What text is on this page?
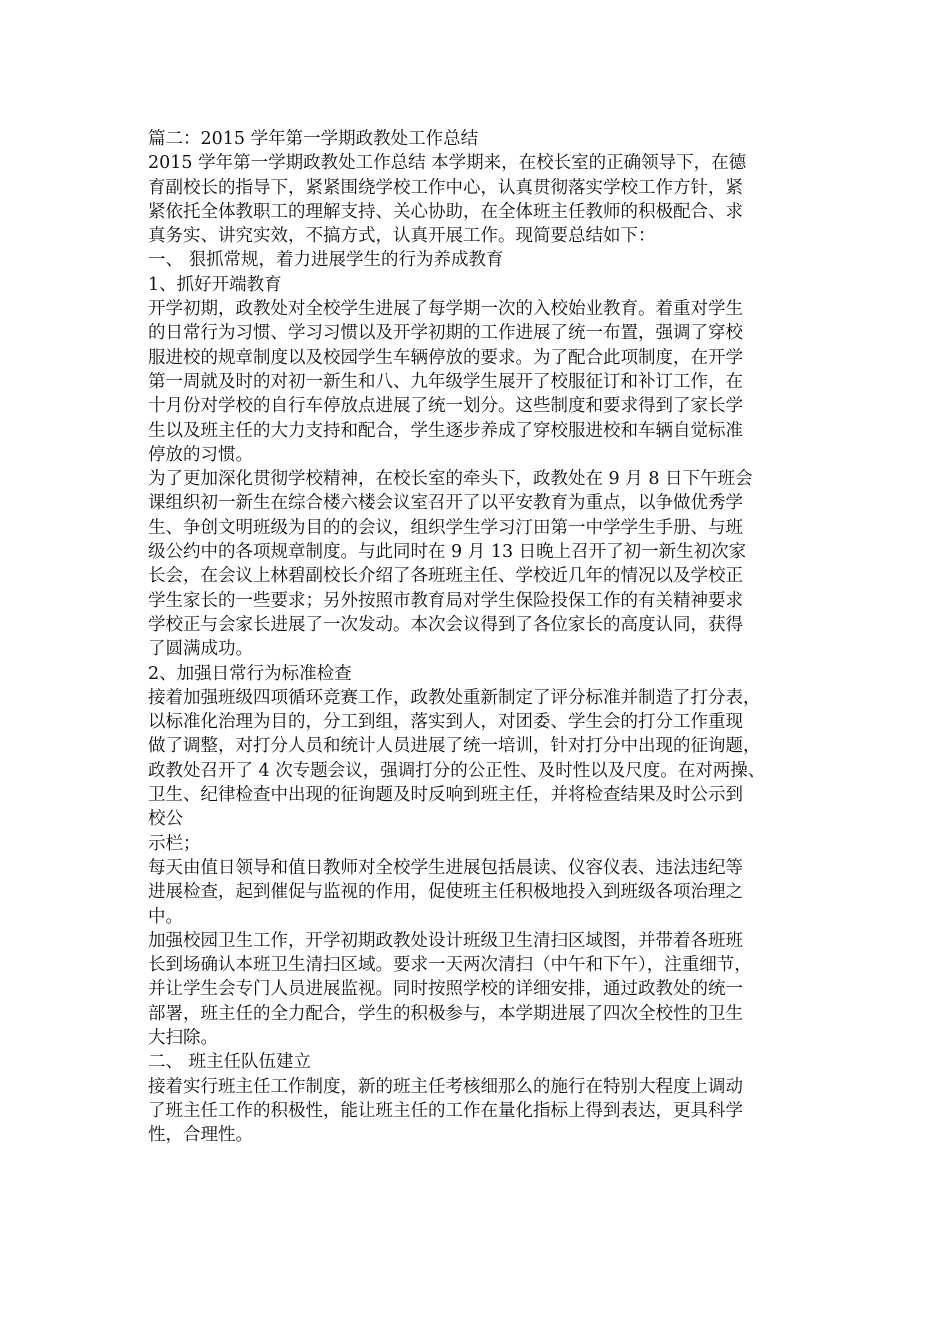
篇二：2015 学年第一学期政教处工作总结
2015 学年第一学期政教处工作总结 本学期来，在校长室的正确领导下，在德
育副校长的指导下，紧紧围绕学校工作中心，认真贯彻落实学校工作方针，紧
紧依托全体教职工的理解支持、关心协助，在全体班主任教师的积极配合、求
真务实、讲究实效，不搞方式，认真开展工作。现简要总结如下：
一、 狠抓常规，着力进展学生的行为养成教育
1、抓好开端教育
开学初期，政教处对全校学生进展了每学期一次的入校始业教育。着重对学生
的日常行为习惯、学习习惯以及开学初期的工作进展了统一布置，强调了穿校
服进校的规章制度以及校园学生车辆停放的要求。为了配合此项制度，在开学
第一周就及时的对初一新生和八、九年级学生展开了校服征订和补订工作，在
十月份对学校的自行车停放点进展了统一划分。这些制度和要求得到了家长学
生以及班主任的大力支持和配合，学生逐步养成了穿校服进校和车辆自觉标准
停放的习惯。
为了更加深化贯彻学校精神，在校长室的牵头下，政教处在 9 月 8 日下午班会
课组织初一新生在综合楼六楼会议室召开了以平安教育为重点，以争做优秀学
生、争创文明班级为目的的会议，组织学生学习汀田第一中学学生手册、与班
级公约中的各项规章制度。与此同时在 9 月 13 日晚上召开了初一新生初次家
长会，在会议上林碧副校长介绍了各班班主任、学校近几年的情况以及学校正
学生家长的一些要求；另外按照市教育局对学生保险投保工作的有关精神要求
学校正与会家长进展了一次发动。本次会议得到了各位家长的高度认同，获得
了圆满成功。
2、加强日常行为标准检查
接着加强班级四项循环竞赛工作，政教处重新制定了评分标准并制造了打分表，
以标准化治理为目的，分工到组，落实到人，对团委、学生会的打分工作重现
做了调整，对打分人员和统计人员进展了统一培训，针对打分中出现的征询题，
政教处召开了 4 次专题会议，强调打分的公正性、及时性以及尺度。在对两操、
卫生、纪律检查中出现的征询题及时反响到班主任，并将检查结果及时公示到
校公
示栏；
每天由值日领导和值日教师对全校学生进展包括晨读、仪容仪表、违法违纪等
进展检查，起到催促与监视的作用，促使班主任积极地投入到班级各项治理之
中。
加强校园卫生工作，开学初期政教处设计班级卫生清扫区域图，并带着各班班
长到场确认本班卫生清扫区域。要求一天两次清扫（中午和下午），注重细节，
并让学生会专门人员进展监视。同时按照学校的详细安排，通过政教处的统一
部署，班主任的全力配合，学生的积极参与，本学期进展了四次全校性的卫生
大扫除。
二、 班主任队伍建立
接着实行班主任工作制度，新的班主任考核细那么的施行在特别大程度上调动
了班主任工作的积极性，能让班主任的工作在量化指标上得到表达，更具科学
性，合理性。
